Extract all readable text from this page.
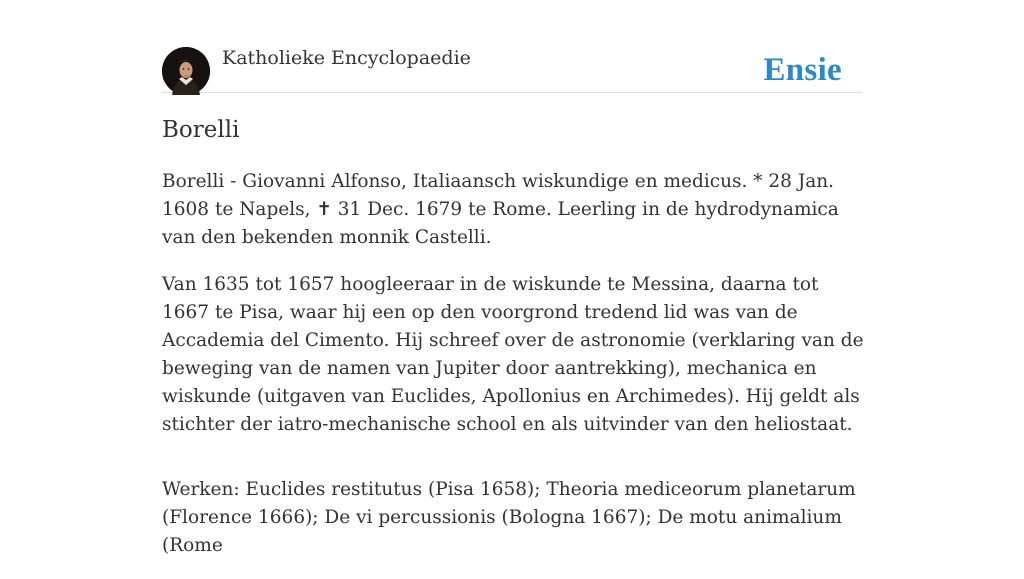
Katholieke Encyclopaedie	Ensie
Borelli

Borelli - Giovanni Alfonso, Italiaansch wiskundige en medicus. * 28 Jan. 1608 te Napels, ✝ 31 Dec. 1679 te Rome. Leerling in de hydrodynamica van den bekenden monnik Castelli.

Van 1635 tot 1657 hoogleeraar in de wiskunde te Messina, daarna tot 1667 te Pisa, waar hij een op den voorgrond tredend lid was van de Accademia del Cimento. Hij schreef over de astronomie (verklaring van de beweging van de namen van Jupiter door aantrekking), mechanica en wiskunde (uitgaven van Euclides, Apollonius en Archimedes). Hij geldt als stichter der iatro-mechanische school en als uitvinder van den heliostaat.

Werken: Euclides restitutus (Pisa 1658); Theoria mediceorum planetarum (Florence 1666); De vi percussionis (Bologna 1667); De motu animalium (Rome
